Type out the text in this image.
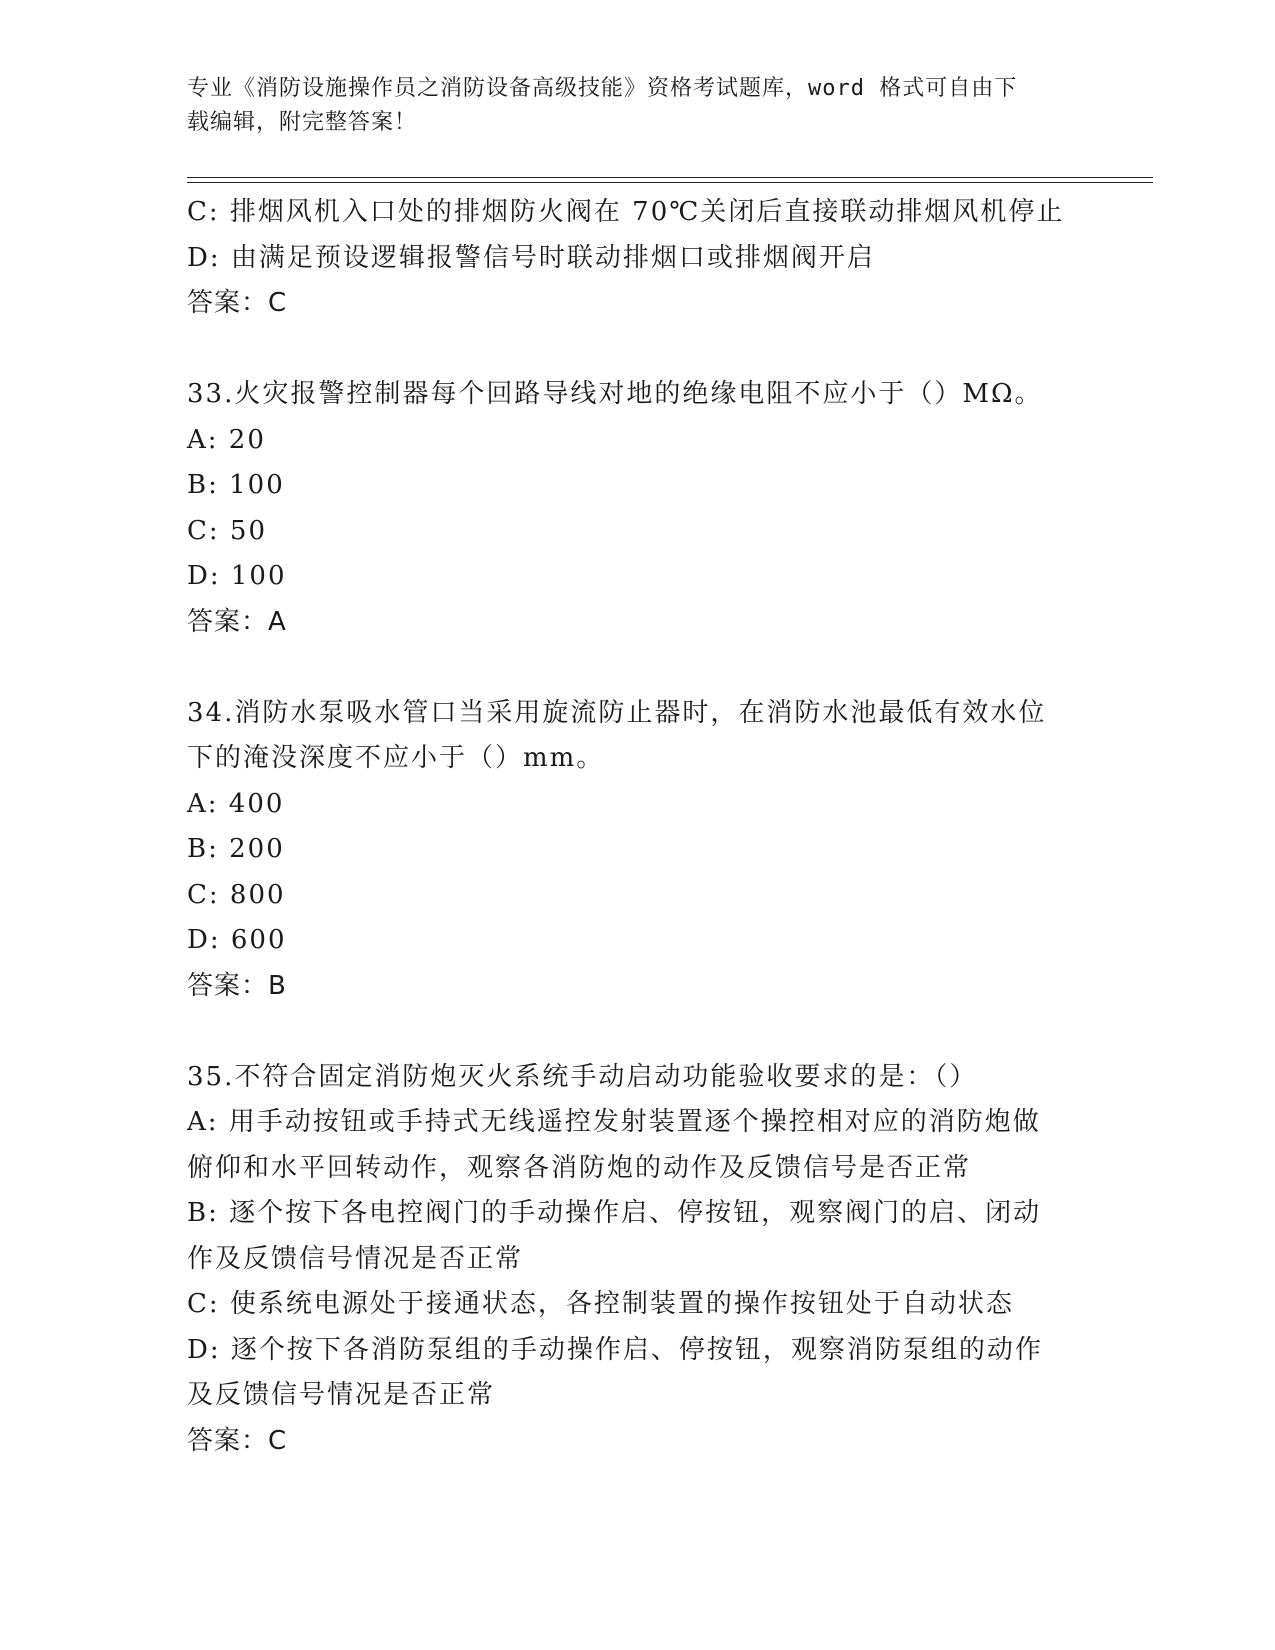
专业《消防设施操作员之消防设备高级技能》资格考试题库，word 格式可自由下
载编辑，附完整答案！
C: 排烟风机入口处的排烟防火阀在 70℃关闭后直接联动排烟风机停止
D: 由满足预设逻辑报警信号时联动排烟口或排烟阀开启
答案：C
33.火灾报警控制器每个回路导线对地的绝缘电阻不应小于（）MΩ。
A: 20
B: 100
C: 50
D: 100
答案：A
34.消防水泵吸水管口当采用旋流防止器时，在消防水池最低有效水位
下的淹没深度不应小于（）mm。
A: 400
B: 200
C: 800
D: 600
答案：B
35.不符合固定消防炮灭火系统手动启动功能验收要求的是：（）
A: 用手动按钮或手持式无线遥控发射装置逐个操控相对应的消防炮做
俯仰和水平回转动作，观察各消防炮的动作及反馈信号是否正常
B: 逐个按下各电控阀门的手动操作启、停按钮，观察阀门的启、闭动
作及反馈信号情况是否正常
C: 使系统电源处于接通状态，各控制装置的操作按钮处于自动状态
D: 逐个按下各消防泵组的手动操作启、停按钮，观察消防泵组的动作
及反馈信号情况是否正常
答案：C
